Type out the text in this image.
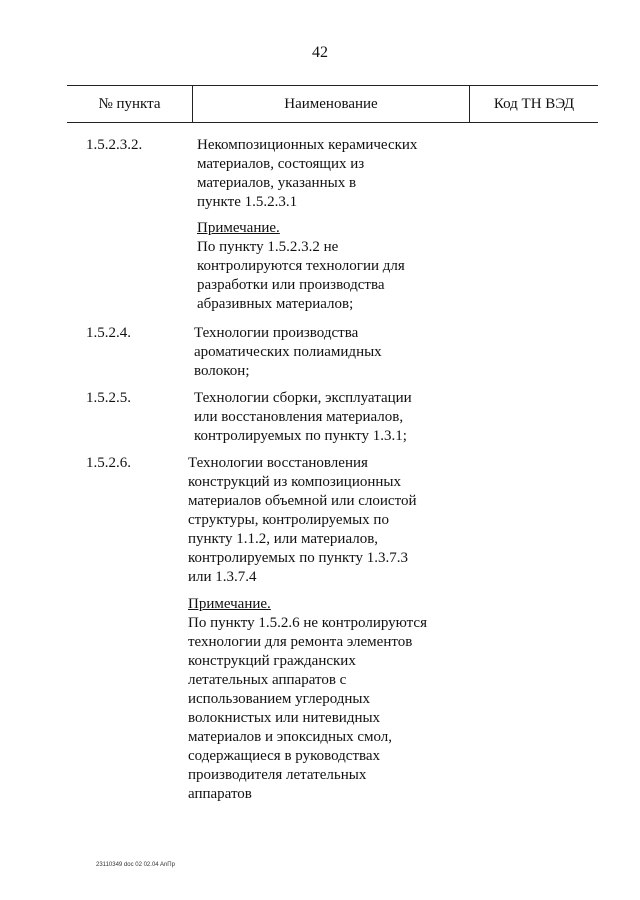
42
№ пункта	Наименование	Код ТН ВЭД
1.5.2.3.2.	Некомпозиционных керамических
материалов, состоящих из
материалов, указанных в
пункте 1.5.2.3.1
Примечание.
По пункту 1.5.2.3.2 не
контролируются технологии для
разработки или производства
абразивных материалов;
1.5.2.4.	Технологии производства
ароматических полиамидных
волокон;
1.5.2.5.	Технологии сборки, эксплуатации
или восстановления материалов,
контролируемых по пункту 1.3.1;
1.5.2.6.	Технологии восстановления
конструкций из композиционных
материалов объемной или слоистой
структуры, контролируемых по
пункту 1.1.2, или материалов,
контролируемых по пункту 1.3.7.3
или 1.3.7.4
Примечание.
По пункту 1.5.2.6 не контролируются
технологии для ремонта элементов
конструкций гражданских
летательных аппаратов с
использованием углеродных
волокнистых или нитевидных
материалов и эпоксидных смол,
содержащиеся в руководствах
производителя летательных
аппаратов
23110349 doc 02 02.04 AnПр
